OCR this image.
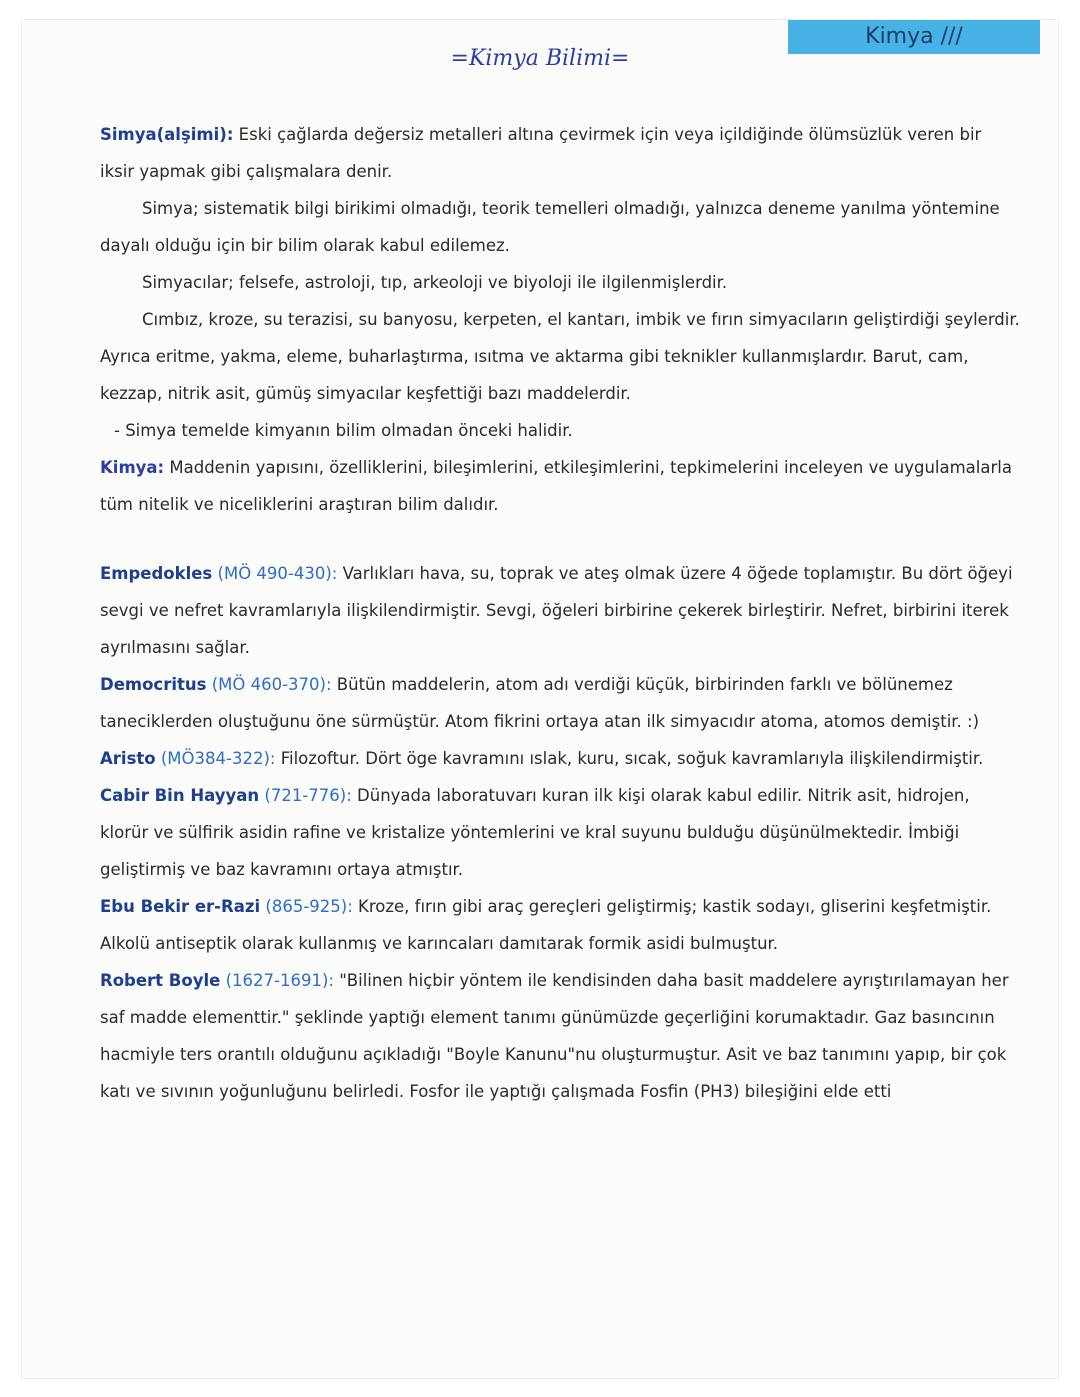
Kimya ///
=Kimya Bilimi=

Simya(alşimi): Eski çağlarda değersiz metalleri altına çevirmek için veya içildiğinde ölümsüzlük veren bir iksir yapmak gibi çalışmalara denir.

Simya; sistematik bilgi birikimi olmadığı, teorik temelleri olmadığı, yalnızca deneme yanılma yöntemine dayalı olduğu için bir bilim olarak kabul edilemez.

Simyacılar; felsefe, astroloji, tıp, arkeoloji ve biyoloji ile ilgilenmişlerdir.

Cımbız, kroze, su terazisi, su banyosu, kerpeten, el kantarı, imbik ve fırın simyacıların geliştirdiği şeylerdir. Ayrıca eritme, yakma, eleme, buharlaştırma, ısıtma ve aktarma gibi teknikler kullanmışlardır. Barut, cam, kezzap, nitrik asit, gümüş simyacılar keşfettiği bazı maddelerdir.

- Simya temelde kimyanın bilim olmadan önceki halidir.

Kimya: Maddenin yapısını, özelliklerini, bileşimlerini, etkileşimlerini, tepkimelerini inceleyen ve uygulamalarla tüm nitelik ve niceliklerini araştıran bilim dalıdır.

Empedokles (MÖ 490-430): Varlıkları hava, su, toprak ve ateş olmak üzere 4 öğede toplamıştır. Bu dört öğeyi sevgi ve nefret kavramlarıyla ilişkilendirmiştir. Sevgi, öğeleri birbirine çekerek birleştirir. Nefret, birbirini iterek ayrılmasını sağlar.

Democritus (MÖ 460-370): Bütün maddelerin, atom adı verdiği küçük, birbirinden farklı ve bölünemez taneciklerden oluştuğunu öne sürmüştür. Atom fikrini ortaya atan ilk simyacıdır atoma, atomos demiştir. :)

Aristo (MÖ384-322): Filozoftur. Dört öge kavramını ıslak, kuru, sıcak, soğuk kavramlarıyla ilişkilendirmiştir.

Cabir Bin Hayyan (721-776): Dünyada laboratuvarı kuran ilk kişi olarak kabul edilir. Nitrik asit, hidrojen, klorür ve sülfirik asidin rafine ve kristalize yöntemlerini ve kral suyunu bulduğu düşünülmektedir. İmbiği geliştirmiş ve baz kavramını ortaya atmıştır.

Ebu Bekir er-Razi (865-925): Kroze, fırın gibi araç gereçleri geliştirmiş; kastik sodayı, gliserini keşfetmiştir. Alkolü antiseptik olarak kullanmış ve karıncaları damıtarak formik asidi bulmuştur.

Robert Boyle (1627-1691): "Bilinen hiçbir yöntem ile kendisinden daha basit maddelere ayrıştırılamayan her saf madde elementtir." şeklinde yaptığı element tanımı günümüzde geçerliğini korumaktadır. Gaz basıncının hacmiyle ters orantılı olduğunu açıkladığı "Boyle Kanunu"nu oluşturmuştur. Asit ve baz tanımını yapıp, bir çok katı ve sıvının yoğunluğunu belirledi. Fosfor ile yaptığı çalışmada Fosfin (PH3) bileşiğini elde etti
